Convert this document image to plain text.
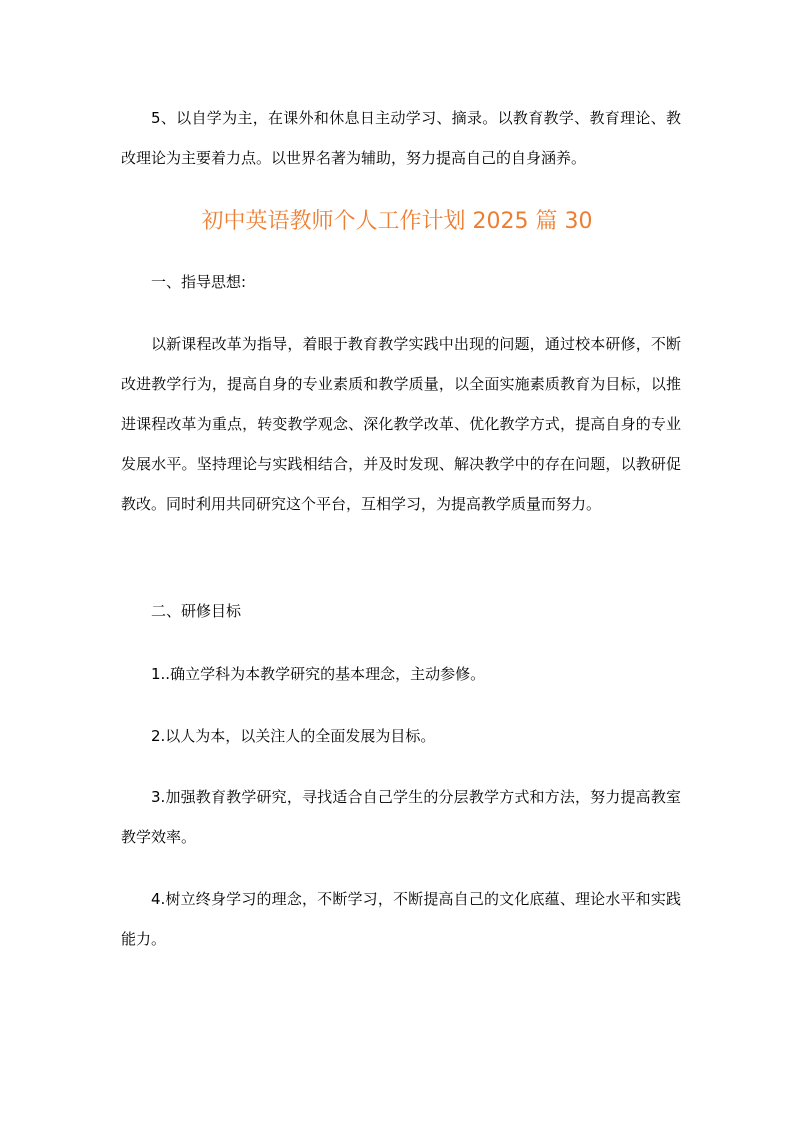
5、以自学为主，在课外和休息日主动学习、摘录。以教育教学、教育理论、教改理论为主要着力点。以世界名著为辅助，努力提高自己的自身涵养。

初中英语教师个人工作计划 2025 篇 30

一、指导思想:

以新课程改革为指导，着眼于教育教学实践中出现的问题，通过校本研修，不断改进教学行为，提高自身的专业素质和教学质量，以全面实施素质教育为目标，以推进课程改革为重点，转变教学观念、深化教学改革、优化教学方式，提高自身的专业发展水平。坚持理论与实践相结合，并及时发现、解决教学中的存在问题，以教研促教改。同时利用共同研究这个平台，互相学习，为提高教学质量而努力。

二、研修目标

1..确立学科为本教学研究的基本理念，主动参修。

2.以人为本，以关注人的全面发展为目标。

3.加强教育教学研究，寻找适合自己学生的分层教学方式和方法，努力提高教室教学效率。

4.树立终身学习的理念，不断学习，不断提高自己的文化底蕴、理论水平和实践能力。
